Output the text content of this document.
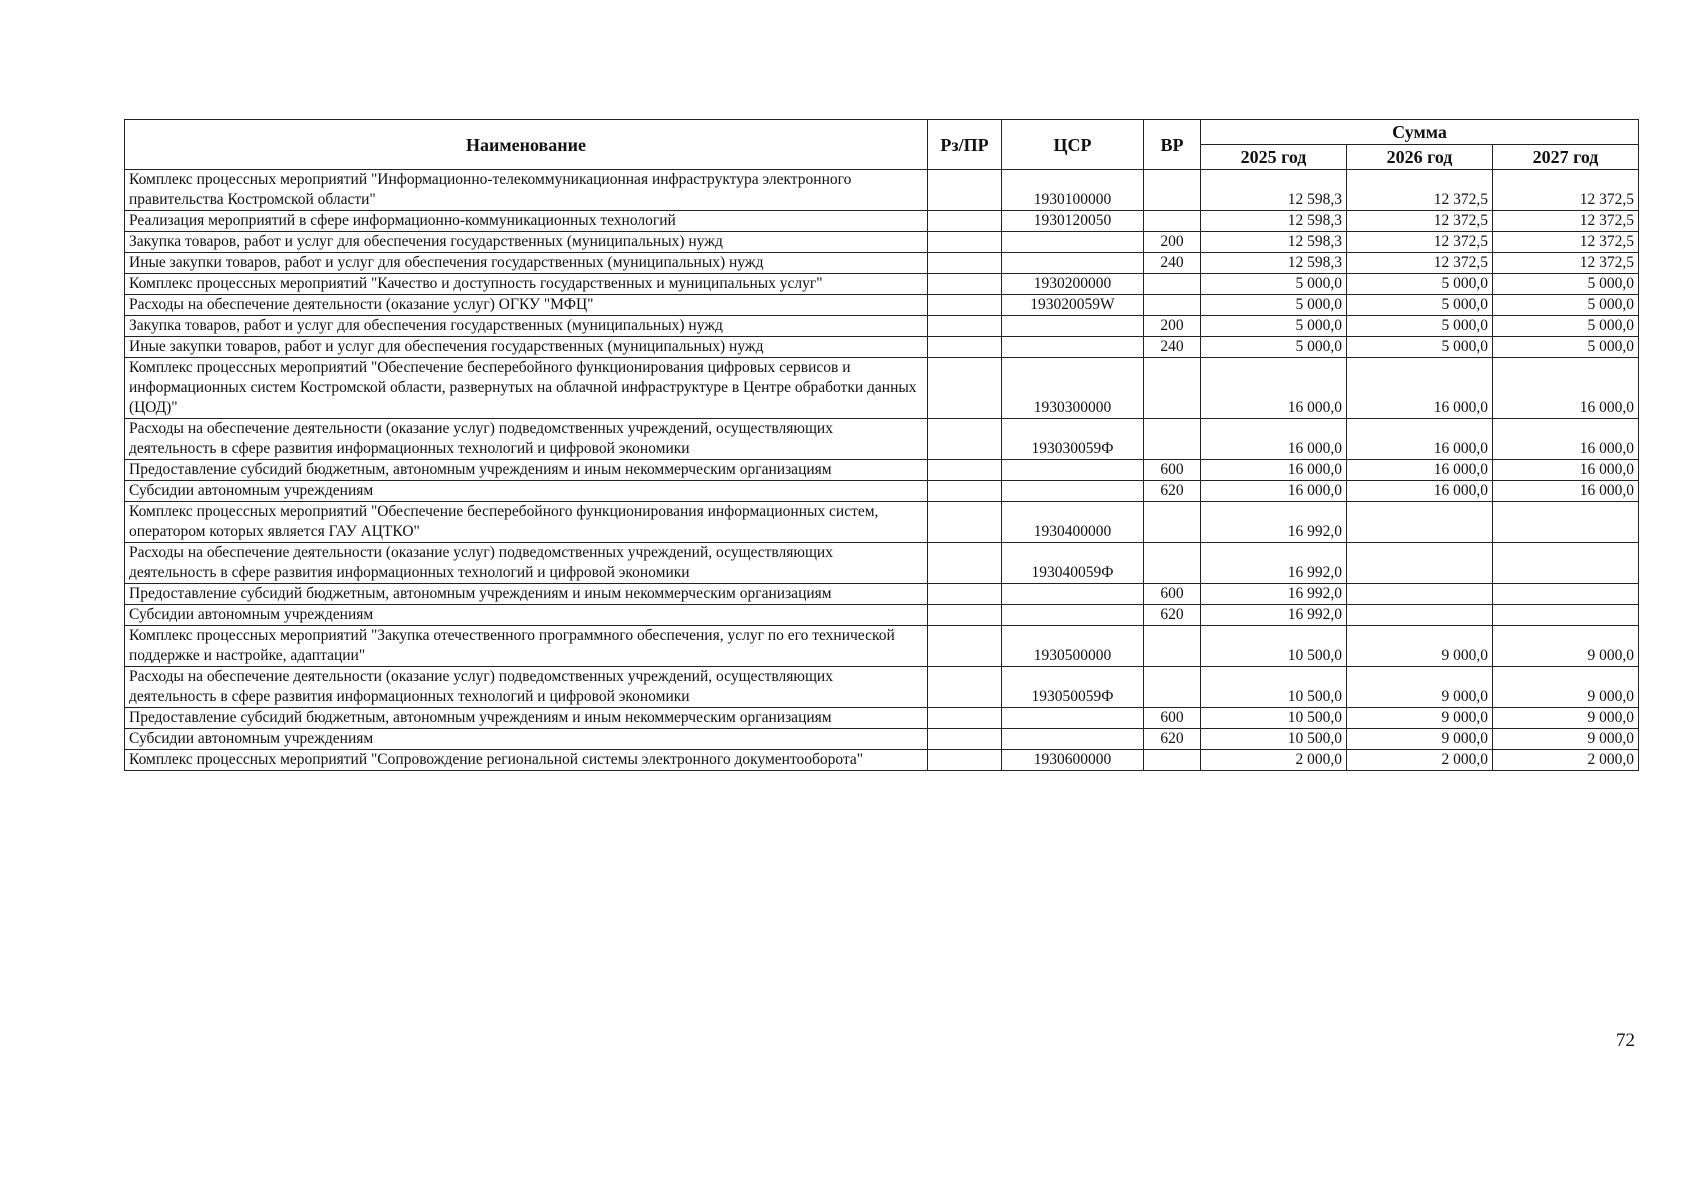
Наименование	Рз/ПР	ЦСР	ВР	Сумма		
				2025 год	2026 год	2027 год
Комплекс процессных мероприятий "Информационно-телекоммуникационная инфраструктура электронного правительства Костромской области"		1930100000		12 598,3	12 372,5	12 372,5
Реализация мероприятий в сфере информационно-коммуникационных технологий		1930120050		12 598,3	12 372,5	12 372,5
Закупка товаров, работ и услуг для обеспечения государственных (муниципальных) нужд			200	12 598,3	12 372,5	12 372,5
Иные закупки товаров, работ и услуг для обеспечения государственных (муниципальных) нужд			240	12 598,3	12 372,5	12 372,5
Комплекс процессных мероприятий "Качество и доступность государственных и муниципальных услуг"		1930200000		5 000,0	5 000,0	5 000,0
Расходы на обеспечение деятельности (оказание услуг) ОГКУ "МФЦ"		193020059W		5 000,0	5 000,0	5 000,0
Закупка товаров, работ и услуг для обеспечения государственных (муниципальных) нужд			200	5 000,0	5 000,0	5 000,0
Иные закупки товаров, работ и услуг для обеспечения государственных (муниципальных) нужд			240	5 000,0	5 000,0	5 000,0
Комплекс процессных мероприятий "Обеспечение бесперебойного функционирования цифровых сервисов и информационных систем Костромской области, развернутых на облачной инфраструктуре в Центре обработки данных (ЦОД)"		1930300000		16 000,0	16 000,0	16 000,0
Расходы на обеспечение деятельности (оказание услуг) подведомственных учреждений, осуществляющих деятельность в сфере развития информационных технологий и цифровой экономики		193030059Ф		16 000,0	16 000,0	16 000,0
Предоставление субсидий бюджетным, автономным учреждениям и иным некоммерческим организациям			600	16 000,0	16 000,0	16 000,0
Субсидии автономным учреждениям			620	16 000,0	16 000,0	16 000,0
Комплекс процессных мероприятий "Обеспечение бесперебойного функционирования информационных систем, оператором которых является ГАУ АЦТКО"		1930400000		16 992,0		
Расходы на обеспечение деятельности (оказание услуг) подведомственных учреждений, осуществляющих деятельность в сфере развития информационных технологий и цифровой экономики		193040059Ф		16 992,0		
Предоставление субсидий бюджетным, автономным учреждениям и иным некоммерческим организациям			600	16 992,0		
Субсидии автономным учреждениям			620	16 992,0		
Комплекс процессных мероприятий "Закупка отечественного программного обеспечения, услуг по его технической поддержке и настройке, адаптации"		1930500000		10 500,0	9 000,0	9 000,0
Расходы на обеспечение деятельности (оказание услуг) подведомственных учреждений, осуществляющих деятельность в сфере развития информационных технологий и цифровой экономики		193050059Ф		10 500,0	9 000,0	9 000,0
Предоставление субсидий бюджетным, автономным учреждениям и иным некоммерческим организациям			600	10 500,0	9 000,0	9 000,0
Субсидии автономным учреждениям			620	10 500,0	9 000,0	9 000,0
Комплекс процессных мероприятий "Сопровождение региональной системы электронного документооборота"		1930600000		2 000,0	2 000,0	2 000,0
72
